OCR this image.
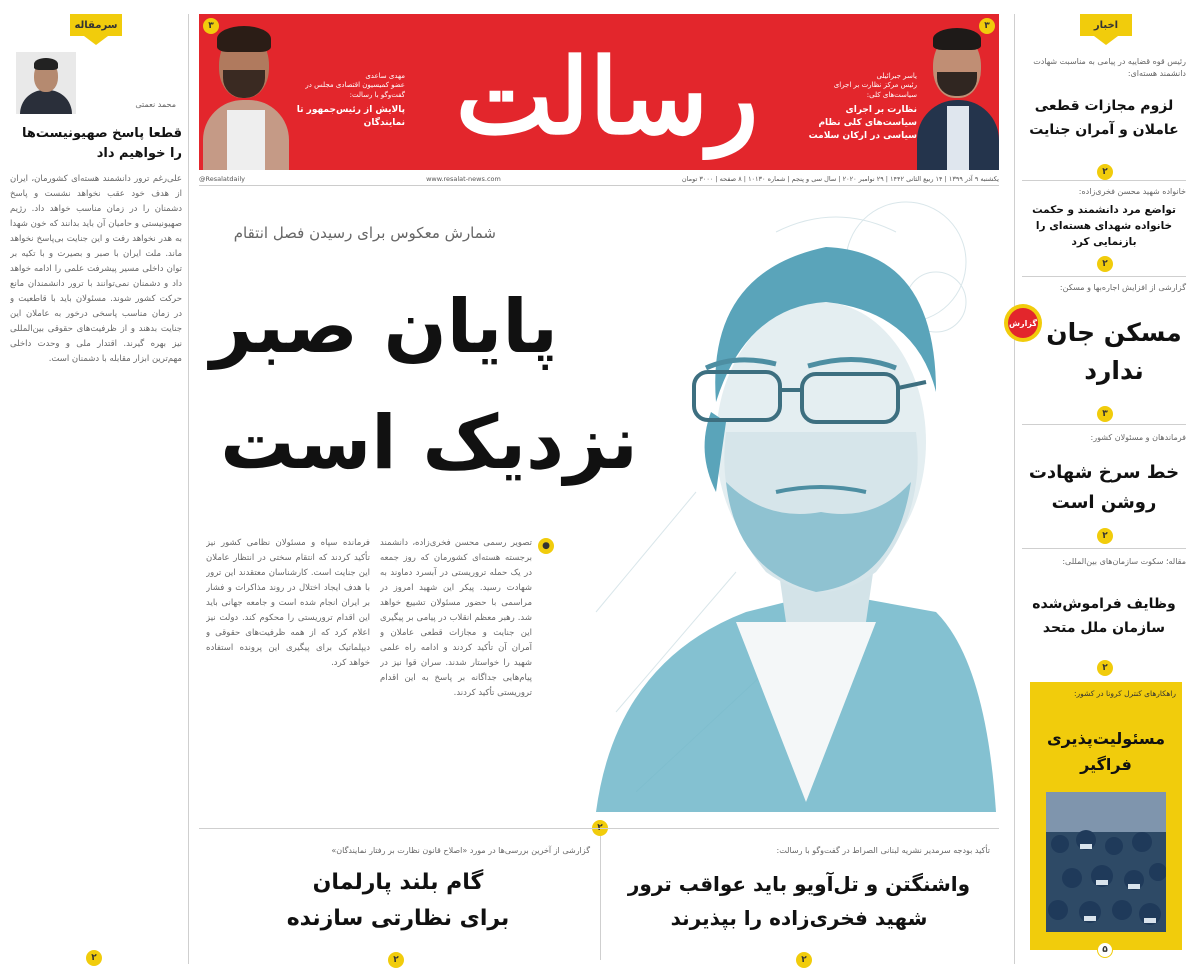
مهدی ساعدی
عضو کمیسیون اقتصادی مجلس در گفت‌وگو با رسالت:
پالایش از رئیس‌جمهور تا نمایندگان رسالت	یاسر جبرائیلی
رئیس مرکز نظارت بر اجرای سیاست‌های کلی:
نظارت بر اجرای سیاست‌های کلی نظام سیاسی در ارکان سلامت
۳	۳
@Resalatdaily	www.resalat-news.com	یکشنبه ۹ آذر ۱۳۹۹ | ۱۴ ربیع الثانی ۱۴۴۲ | ۲۹ نوامبر ۲۰۲۰ | سال سی و پنجم | شماره ۱۰۱۳۰ | ۸ صفحه | ۳۰۰۰ تومان
سرمقاله
محمد نعمتی
قطعا پاسخ صهیونیست‌ها را خواهیم داد
علی‌رغم ترور دانشمند هسته‌ای کشورمان، ایران از هدف خود عقب نخواهد نشست و پاسخ دشمنان را در زمان مناسب خواهد داد. رژیم صهیونیستی و حامیان آن باید بدانند که خون شهدا به هدر نخواهد رفت و این جنایت بی‌پاسخ نخواهد ماند. ملت ایران با صبر و بصیرت و با تکیه بر توان داخلی مسیر پیشرفت علمی را ادامه خواهد داد و دشمنان نمی‌توانند با ترور دانشمندان مانع حرکت کشور شوند. مسئولان باید با قاطعیت و در زمان مناسب پاسخی درخور به عاملان این جنایت بدهند و از ظرفیت‌های حقوقی بین‌المللی نیز بهره گیرند. اقتدار ملی و وحدت داخلی مهم‌ترین ابزار مقابله با دشمنان است.
۲
شمارش معکوس برای رسیدن فصل انتقام
پایان صبر
نزدیک است
●
تصویر رسمی محسن فخری‌زاده، دانشمند برجسته هسته‌ای کشورمان که روز جمعه در یک حمله تروریستی در آبسرد دماوند به شهادت رسید. پیکر این شهید امروز در مراسمی با حضور مسئولان تشییع خواهد شد. رهبر معظم انقلاب در پیامی بر پیگیری این جنایت و مجازات قطعی عاملان و آمران آن تأکید کردند و ادامه راه علمی شهید را خواستار شدند. سران قوا نیز در پیام‌هایی جداگانه بر پاسخ به این اقدام تروریستی تأکید کردند.
فرمانده سپاه و مسئولان نظامی کشور نیز تأکید کردند که انتقام سختی در انتظار عاملان این جنایت است. کارشناسان معتقدند این ترور با هدف ایجاد اختلال در روند مذاکرات و فشار بر ایران انجام شده است و جامعه جهانی باید این اقدام تروریستی را محکوم کند. دولت نیز اعلام کرد که از همه ظرفیت‌های حقوقی و دیپلماتیک برای پیگیری این پرونده استفاده خواهد کرد.
گزارشی از آخرین بررسی‌ها در مورد «اصلاح قانون نظارت بر رفتار نمایندگان»
گام بلند پارلمان
برای نظارتی سازنده
۲
تأکید بودجه سرمدیر نشریه لبنانی الصراط در گفت‌وگو با رسالت:
واشنگتن و تل‌آویو باید عواقب ترور
شهید فخری‌زاده را بپذیرند
۲
اخبار
رئیس قوه قضاییه در پیامی به مناسبت شهادت دانشمند هسته‌ای:
لزوم مجازات قطعی عاملان و آمران جنایت
۲
خانواده شهید محسن فخری‌زاده:
تواضع مرد دانشمند و حکمت خانواده شهدای هسته‌ای را بازنمایی کرد
۲
گزارشی از افزایش اجاره‌بها و مسکن:
گزارش مسکن جان ندارد
۳
فرماندهان و مسئولان کشور:
خط سرخ شهادت روشن است
۲
مقاله؛ سکوت سازمان‌های بین‌المللی:
وظایف فراموش‌شده سازمان ملل متحد
۲
راهکارهای کنترل کرونا در کشور:
مسئولیت‌پذیری فراگیر
۵
